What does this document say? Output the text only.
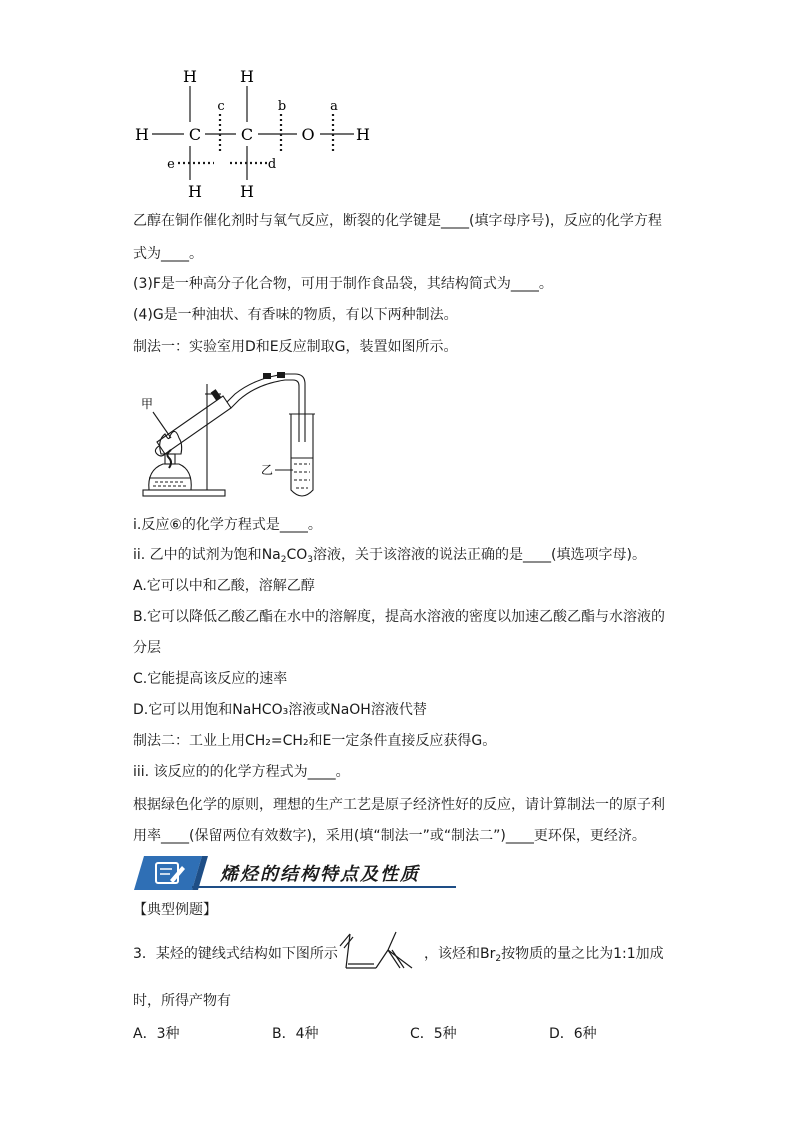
H	H
H C C	O	H
H H
c	b	a
e	d
乙醇在铜作催化剂时与氧气反应，断裂的化学键是____(填字母序号)，反应的化学方程
式为____。
(3)F是一种高分子化合物，可用于制作食品袋，其结构简式为____。
(4)G是一种油状、有香味的物质，有以下两种制法。
制法一：实验室用D和E反应制取G，装置如图所示。
甲
乙
i.反应⑥的化学方程式是____。
ii. 乙中的试剂为饱和$Na_2CO_3$溶液，关于该溶液的说法正确的是____(填选项字母)。
A.它可以中和乙酸，溶解乙醇
B.它可以降低乙酸乙酯在水中的溶解度，提高水溶液的密度以加速乙酸乙酯与水溶液的
分层
C.它能提高该反应的速率
D.它可以用饱和NaHCO₃溶液或NaOH溶液代替
制法二：工业上用CH₂=CH₂和E一定条件直接反应获得G。
iii. 该反应的的化学方程式为____。
根据绿色化学的原则，理想的生产工艺是原子经济性好的反应，请计算制法一的原子利
用率____(保留两位有效数字)，采用(填“制法一”或“制法二”)____更环保，更经济。
烯烃的结构特点及性质
【典型例题】
3．某烃的键线式结构如下图所示	，该烃和$Br_2$按物质的量之比为1:1加成
时，所得产物有
A．3种	B．4种	C．5种	D．6种
